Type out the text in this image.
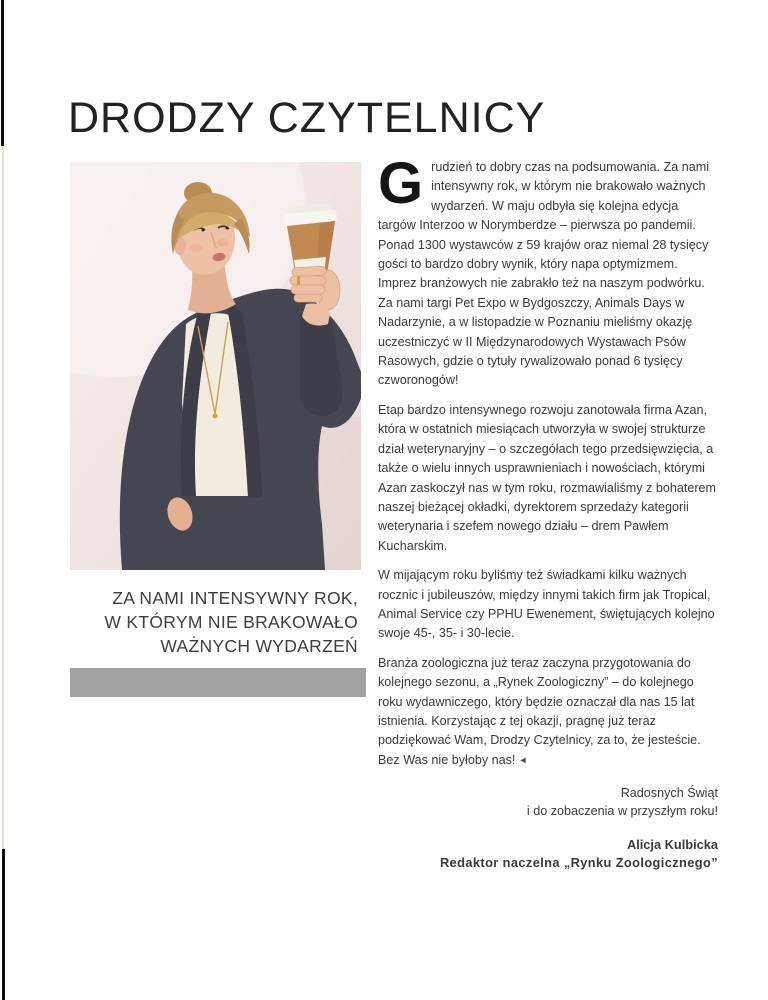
DRODZY CZYTELNICY
ZA NAMI INTENSYWNY ROK,
W KTÓRYM NIE BRAKOWAŁO
WAŻNYCH WYDARZEŃ

Grudzień to dobry czas na podsumowania. Za nami intensywny rok, w którym nie brakowało ważnych wydarzeń. W maju odbyła się kolejna edycja targów Interzoo w Norymberdze – pierwsza po pandemii. Ponad 1300 wystawców z 59 krajów oraz niemal 28 tysięcy gości to bardzo dobry wynik, który napa optymizmem. Imprez branżowych nie zabrakło też na naszym podwórku. Za nami targi Pet Expo w Bydgoszczy, Animals Days w Nadarzynie, a w listopadzie w Poznaniu mieliśmy okazję uczestniczyć w II Międzynarodowych Wystawach Psów Rasowych, gdzie o tytuły rywalizowało ponad 6 tysięcy czworonogów!

Etap bardzo intensywnego rozwoju zanotowała firma Azan, która w ostatnich miesiącach utworzyła w swojej strukturze dział weterynaryjny – o szczegółach tego przedsięwzięcia, a także o wielu innych usprawnieniach i nowościach, którymi Azan zaskoczył nas w tym roku, rozmawialiśmy z bohaterem naszej bieżącej okładki, dyrektorem sprzedaży kategorii weterynaria i szefem nowego działu – drem Pawłem Kucharskim.

W mijającym roku byliśmy też świadkami kilku ważnych rocznic i jubileuszów, między innymi takich firm jak Tropical, Animal Service czy PPHU Ewenement, świętujących kolejno swoje 45-, 35- i 30-lecie.

Branża zoologiczna już teraz zaczyna przygotowania do kolejnego sezonu, a „Rynek Zoologiczny” – do kolejnego roku wydawniczego, który będzie oznaczał dla nas 15 lat istnienia. Korzystając z tej okazji, pragnę już teraz podziękować Wam, Drodzy Czytelnicy, za to, że jesteście. Bez Was nie byłoby nas! ◄

Radosnych Świąt
i do zobaczenia w przyszłym roku!
Alicja Kulbicka
Redaktor naczelna „Rynku Zoologicznego”
